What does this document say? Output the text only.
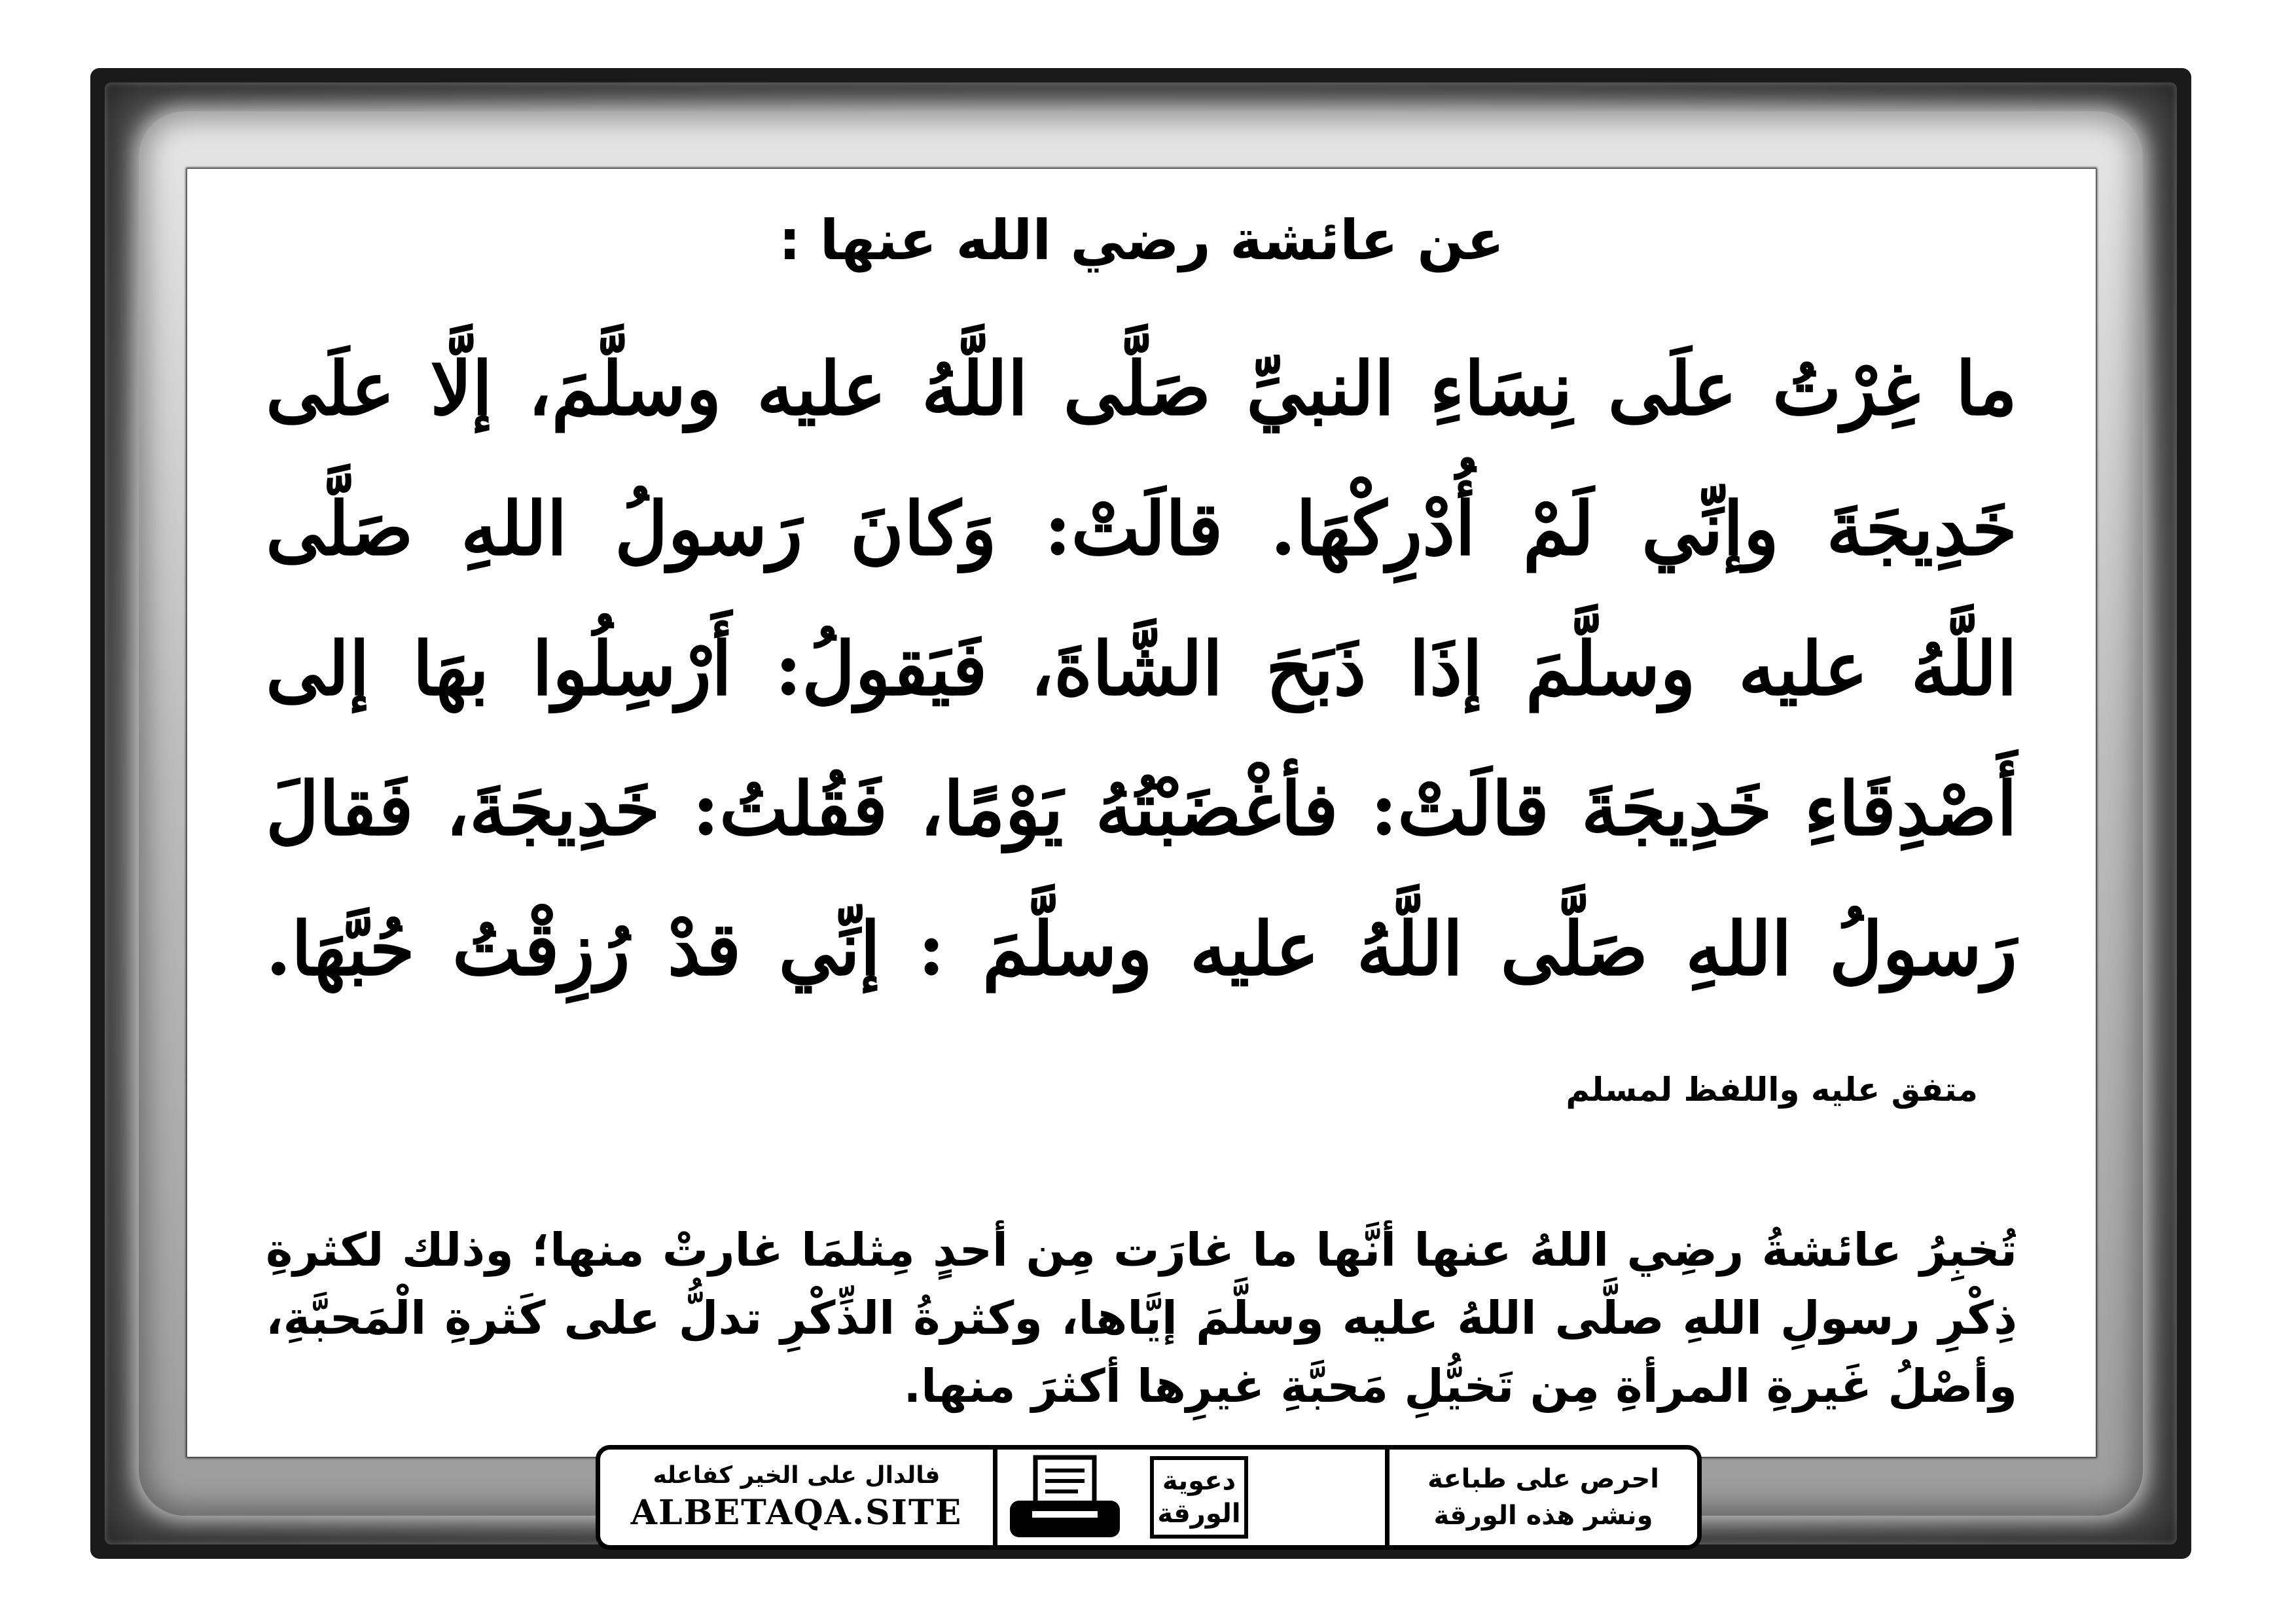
عن عائشة رضي الله عنها :
ما غِرْتُ علَى نِسَاءِ النبيِّ صَلَّى اللَّهُ عليه وسلَّمَ، إلَّا علَى خَدِيجَةَ وإنِّي لَمْ أُدْرِكْهَا. قالَتْ: وَكانَ رَسولُ اللهِ صَلَّى اللَّهُ عليه وسلَّمَ إذَا ذَبَحَ الشَّاةَ، فَيَقولُ: أَرْسِلُوا بهَا إلى أَصْدِقَاءِ خَدِيجَةَ قالَتْ: فأغْضَبْتُهُ يَوْمًا، فَقُلتُ: خَدِيجَةَ، فَقالَ رَسولُ اللهِ صَلَّى اللَّهُ عليه وسلَّمَ : إنِّي قدْ رُزِقْتُ حُبَّهَا. $^{متفق عليه واللفظ لمسلم}$
تُخبِرُ عائشةُ رضِي اللهُ عنها أنَّها ما غارَت مِن أحدٍ مِثلمَا غارتْ منها؛ وذلك لكثرةِ ذِكْرِ رسولِ اللهِ صلَّى اللهُ عليه وسلَّمَ إيَّاها، وكثرةُ الذِّكْرِ تدلُّ على كَثرةِ الْمَحبَّةِ، وأصْلُ غَيرةِ المرأةِ مِن تَخيُّلِ مَحبَّةِ غيرِها أكثرَ منها.
احرص على طباعة
ونشر هذه الورقة
دعوية
الورقة
فالدال على الخير كفاعله
ALBETAQA.SITE
